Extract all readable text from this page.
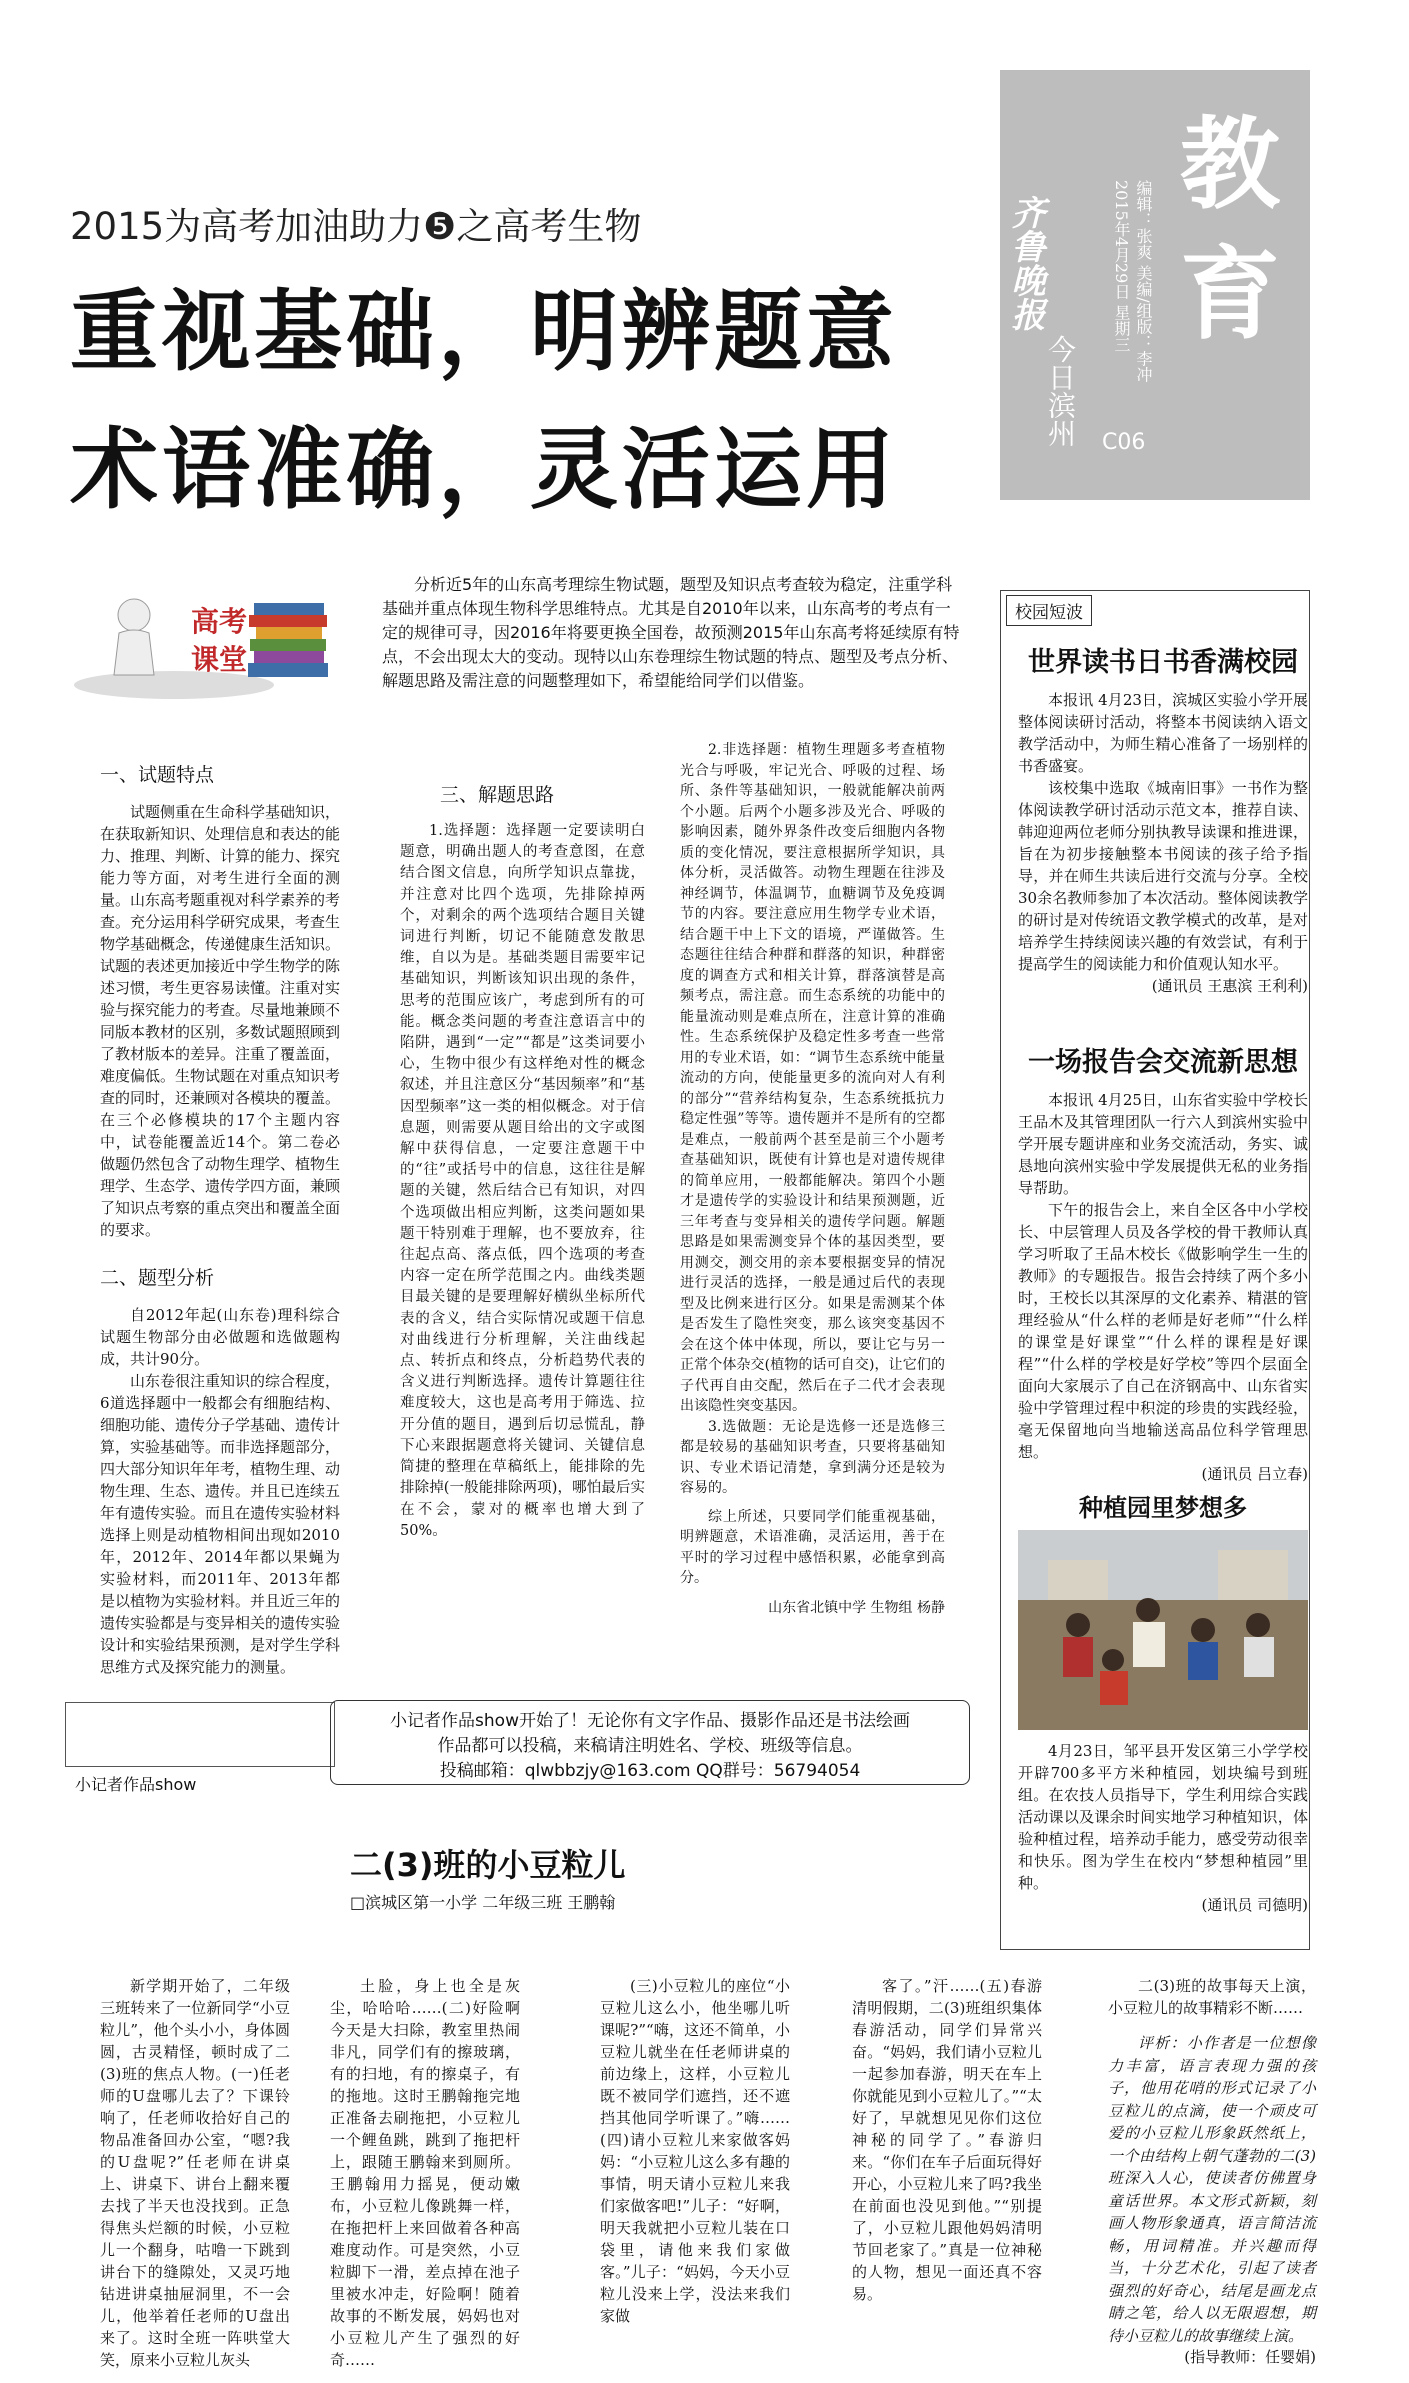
教育
齐鲁晚报
今日滨州
编辑：张爽 美编/组版：李冲
2015年4月29日 星期三
C06
2015为高考加油助力❺之高考生物
重视基础，明辨题意
术语准确，灵活运用
高考课堂
分析近5年的山东高考理综生物试题，题型及知识点考查较为稳定，注重学科基础并重点体现生物科学思维特点。尤其是自2010年以来，山东高考的考点有一定的规律可寻，因2016年将要更换全国卷，故预测2015年山东高考将延续原有特点，不会出现太大的变动。现特以山东卷理综生物试题的特点、题型及考点分析、解题思路及需注意的问题整理如下，希望能给同学们以借鉴。
一、试题特点

试题侧重在生命科学基础知识，在获取新知识、处理信息和表达的能力、推理、判断、计算的能力、探究能力等方面，对考生进行全面的测量。山东高考题重视对科学素养的考查。充分运用科学研究成果，考查生物学基础概念，传递健康生活知识。试题的表述更加接近中学生物学的陈述习惯，考生更容易读懂。注重对实验与探究能力的考查。尽量地兼顾不同版本教材的区别，多数试题照顾到了教材版本的差异。注重了覆盖面，难度偏低。生物试题在对重点知识考查的同时，还兼顾对各模块的覆盖。在三个必修模块的17个主题内容中，试卷能覆盖近14个。第二卷必做题仍然包含了动物生理学、植物生理学、生态学、遗传学四方面，兼顾了知识点考察的重点突出和覆盖全面的要求。

二、题型分析

自2012年起(山东卷)理科综合试题生物部分由必做题和选做题构成，共计90分。

山东卷很注重知识的综合程度，6道选择题中一般都会有细胞结构、细胞功能、遗传分子学基础、遗传计算，实验基础等。而非选择题部分，四大部分知识年年考，植物生理、动物生理、生态、遗传。并且已连续五年有遗传实验。而且在遗传实验材料选择上则是动植物相间出现如2010年，2012年、2014年都以果蝇为实验材料，而2011年、2013年都是以植物为实验材料。并且近三年的遗传实验都是与变异相关的遗传实验设计和实验结果预测，是对学生学科思维方式及探究能力的测量。

三、解题思路

1.选择题：选择题一定要读明白题意，明确出题人的考查意图，在意结合图文信息，向所学知识点靠拢，并注意对比四个选项，先排除掉两个，对剩余的两个选项结合题目关键词进行判断，切记不能随意发散思维，自以为是。基础类题目需要牢记基础知识，判断该知识出现的条件，思考的范围应该广，考虑到所有的可能。概念类问题的考查注意语言中的陷阱，遇到“一定”“都是”这类词要小心，生物中很少有这样绝对性的概念叙述，并且注意区分“基因频率”和“基因型频率”这一类的相似概念。对于信息题，则需要从题目给出的文字或图解中获得信息，一定要注意题干中的“往”或括号中的信息，这往往是解题的关键，然后结合已有知识，对四个选项做出相应判断，这类问题如果题干特别难于理解，也不要放弃，往往起点高、落点低，四个选项的考查内容一定在所学范围之内。曲线类题目最关键的是要理解好横纵坐标所代表的含义，结合实际情况或题干信息对曲线进行分析理解，关注曲线起点、转折点和终点，分析趋势代表的含义进行判断选择。遗传计算题往往难度较大，这也是高考用于筛选、拉开分值的题目，遇到后切忌慌乱，静下心来跟据题意将关键词、关键信息简捷的整理在草稿纸上，能排除的先排除掉(一般能排除两项)，哪怕最后实在不会，蒙对的概率也增大到了50%。

2.非选择题：植物生理题多考查植物光合与呼吸，牢记光合、呼吸的过程、场所、条件等基础知识，一般就能解决前两个小题。后两个小题多涉及光合、呼吸的影响因素，随外界条件改变后细胞内各物质的变化情况，要注意根据所学知识，具体分析，灵活做答。动物生理题在往涉及神经调节，体温调节，血糖调节及免疫调节的内容。要注意应用生物学专业术语，结合题干中上下文的语境，严谨做答。生态题往往结合种群和群落的知识，种群密度的调查方式和相关计算，群落演替是高频考点，需注意。而生态系统的功能中的能量流动则是难点所在，注意计算的准确性。生态系统保护及稳定性多考查一些常用的专业术语，如：“调节生态系统中能量流动的方向，使能量更多的流向对人有利的部分”“营养结构复杂，生态系统抵抗力稳定性强”等等。遗传题并不是所有的空都是难点，一般前两个甚至是前三个小题考查基础知识，既使有计算也是对遗传规律的简单应用，一般都能解决。第四个小题才是遗传学的实验设计和结果预测题，近三年考查与变异相关的遗传学问题。解题思路是如果需测变异个体的基因类型，要用测交，测交用的亲本要根据变异的情况进行灵活的选择，一般是通过后代的表现型及比例来进行区分。如果是需测某个体是否发生了隐性突变，那么该突变基因不会在这个体中体现，所以，要让它与另一正常个体杂交(植物的话可自交)，让它们的子代再自由交配，然后在子二代才会表现出该隐性突变基因。

3.选做题：无论是选修一还是选修三都是较易的基础知识考查，只要将基础知识、专业术语记清楚，拿到满分还是较为容易的。

综上所述，只要同学们能重视基础，明辨题意，术语准确，灵活运用，善于在平时的学习过程中感悟积累，必能拿到高分。

山东省北镇中学 生物组 杨静

校园短波
世界读书日书香满校园

本报讯 4月23日，滨城区实验小学开展整体阅读研讨活动，将整本书阅读纳入语文教学活动中，为师生精心准备了一场别样的书香盛宴。

该校集中选取《城南旧事》一书作为整体阅读教学研讨活动示范文本，推荐自读、韩迎迎两位老师分别执教导读课和推进课，旨在为初步接触整本书阅读的孩子给予指导，并在师生共读后进行交流与分享。全校30余名教师参加了本次活动。整体阅读教学的研讨是对传统语文教学模式的改革，是对培养学生持续阅读兴趣的有效尝试，有利于提高学生的阅读能力和价值观认知水平。

(通讯员 王惠滨 王利利)

一场报告会交流新思想

本报讯 4月25日，山东省实验中学校长王品木及其管理团队一行六人到滨州实验中学开展专题讲座和业务交流活动，务实、诚恳地向滨州实验中学发展提供无私的业务指导帮助。

下午的报告会上，来自全区各中小学校长、中层管理人员及各学校的骨干教师认真学习听取了王品木校长《做影响学生一生的教师》的专题报告。报告会持续了两个多小时，王校长以其深厚的文化素养、精湛的管理经验从“什么样的老师是好老师”“什么样的课堂是好课堂”“什么样的课程是好课程”“什么样的学校是好学校”等四个层面全面向大家展示了自己在济钢高中、山东省实验中学管理过程中积淀的珍贵的实践经验，毫无保留地向当地输送高品位科学管理思想。

(通讯员 吕立春)

种植园里梦想多

4月23日，邹平县开发区第三小学学校开辟700多平方米种植园，划块编号到班组。在农技人员指导下，学生利用综合实践活动课以及课余时间实地学习种植知识，体验种植过程，培养动手能力，感受劳动很幸和快乐。图为学生在校内“梦想种植园”里种。

(通讯员 司德明)

小记者作品show
小记者作品show开始了！无论你有文字作品、摄影作品还是书法绘画
作品都可以投稿，来稿请注明姓名、学校、班级等信息。
投稿邮箱：qlwbbzjy@163.com QQ群号：56794054
二(3)班的小豆粒儿
□滨城区第一小学 二年级三班 王鹏翰
新学期开始了，二年级三班转来了一位新同学“小豆粒儿”，他个头小小，身体圆圆，古灵精怪，顿时成了二(3)班的焦点人物。(一)任老师的U盘哪儿去了？下课铃响了，任老师收拾好自己的物品准备回办公室，“嗯?我的U盘呢?”任老师在讲桌上、讲桌下、讲台上翻来覆去找了半天也没找到。正急得焦头烂额的时候，小豆粒儿一个翻身，咕噜一下跳到讲台下的缝隙处，又灵巧地钻进讲桌抽屉洞里，不一会儿，他举着任老师的U盘出来了。这时全班一阵哄堂大笑，原来小豆粒儿灰头
土脸，身上也全是灰尘，哈哈哈……(二)好险啊今天是大扫除，教室里热闹非凡，同学们有的擦玻璃，有的扫地，有的擦桌子，有的拖地。这时王鹏翰拖完地正准备去刷拖把，小豆粒儿一个鲤鱼跳，跳到了拖把杆上，跟随王鹏翰来到厕所。王鹏翰用力摇晃，便动嫩布，小豆粒儿像跳舞一样，在拖把杆上来回做着各种高难度动作。可是突然，小豆粒脚下一滑，差点掉在池子里被水冲走，好险啊！随着故事的不断发展，妈妈也对小豆粒儿产生了强烈的好奇……
(三)小豆粒儿的座位“小豆粒儿这么小，他坐哪儿听课呢?”“嗨，这还不简单，小豆粒儿就坐在任老师讲桌的前边缘上，这样，小豆粒儿既不被同学们遮挡，还不遮挡其他同学听课了。”嗨……(四)请小豆粒儿来家做客妈妈：“小豆粒儿这么多有趣的事情，明天请小豆粒儿来我们家做客吧!”儿子：“好啊，明天我就把小豆粒儿装在口袋里，请他来我们家做客。”儿子：“妈妈，今天小豆粒儿没来上学，没法来我们家做
客了。”汗……(五)春游清明假期，二(3)班组织集体春游活动，同学们异常兴奋。“妈妈，我们请小豆粒儿一起参加春游，明天在车上你就能见到小豆粒儿了。”“太好了，早就想见见你们这位神秘的同学了。”春游归来。“你们在车子后面玩得好开心，小豆粒儿来了吗?我坐在前面也没见到他。”“别提了，小豆粒儿跟他妈妈清明节回老家了。”真是一位神秘的人物，想见一面还真不容易。
二(3)班的故事每天上演，小豆粒儿的故事精彩不断……
评析：小作者是一位想像力丰富，语言表现力强的孩子，他用花哨的形式记录了小豆粒儿的点滴，使一个顽皮可爱的小豆粒儿形象跃然纸上，一个由结构上朝气蓬勃的二(3)班深入人心，使读者仿佛置身童话世界。本文形式新颖，刻画人物形象通真，语言简洁流畅，用词精准。并兴趣而得当，十分艺术化，引起了读者强烈的好奇心，结尾是画龙点睛之笔，给人以无限遐想，期待小豆粒儿的故事继续上演。
(指导教师：任婴娟)
